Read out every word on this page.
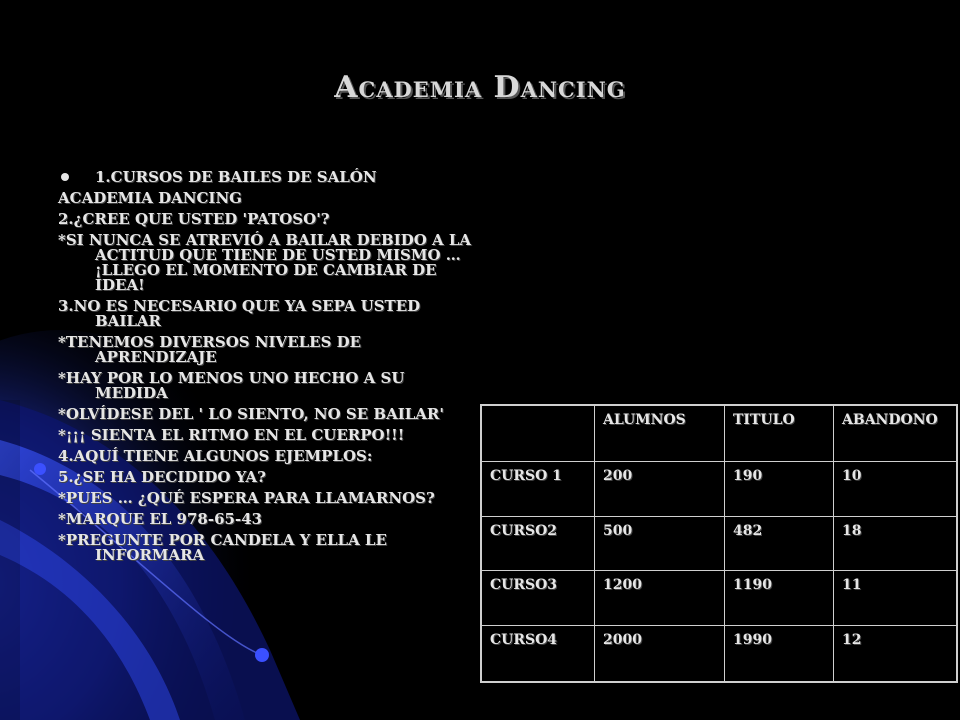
Academia Dancing
1.CURSOS DE BAILES DE SALÓN
ACADEMIA DANCING
2.¿CREE QUE USTED 'PATOSO'?
*SI NUNCA SE ATREVIÓ A BAILAR DEBIDO A LA ACTITUD QUE TIENE DE USTED MISMO … ¡LLEGO EL MOMENTO DE CAMBIAR DE IDEA!
3.NO ES NECESARIO QUE YA SEPA USTED BAILAR
*TENEMOS DIVERSOS NIVELES DE APRENDIZAJE
*HAY POR LO MENOS UNO HECHO A SU MEDIDA
*OLVÍDESE DEL ' LO SIENTO, NO SE BAILAR'
*¡¡¡ SIENTA EL RITMO EN EL CUERPO!!!
4.AQUÍ TIENE ALGUNOS EJEMPLOS:
5.¿SE HA DECIDIDO YA?
*PUES … ¿QUÉ ESPERA PARA LLAMARNOS?
*MARQUE EL 978-65-43
*PREGUNTE POR CANDELA Y ELLA LE INFORMARA
	ALUMNOS	TITULO	ABANDONO
CURSO 1	200	190	10
CURSO2	500	482	18
CURSO3	1200	1190	11
CURSO4	2000	1990	12
